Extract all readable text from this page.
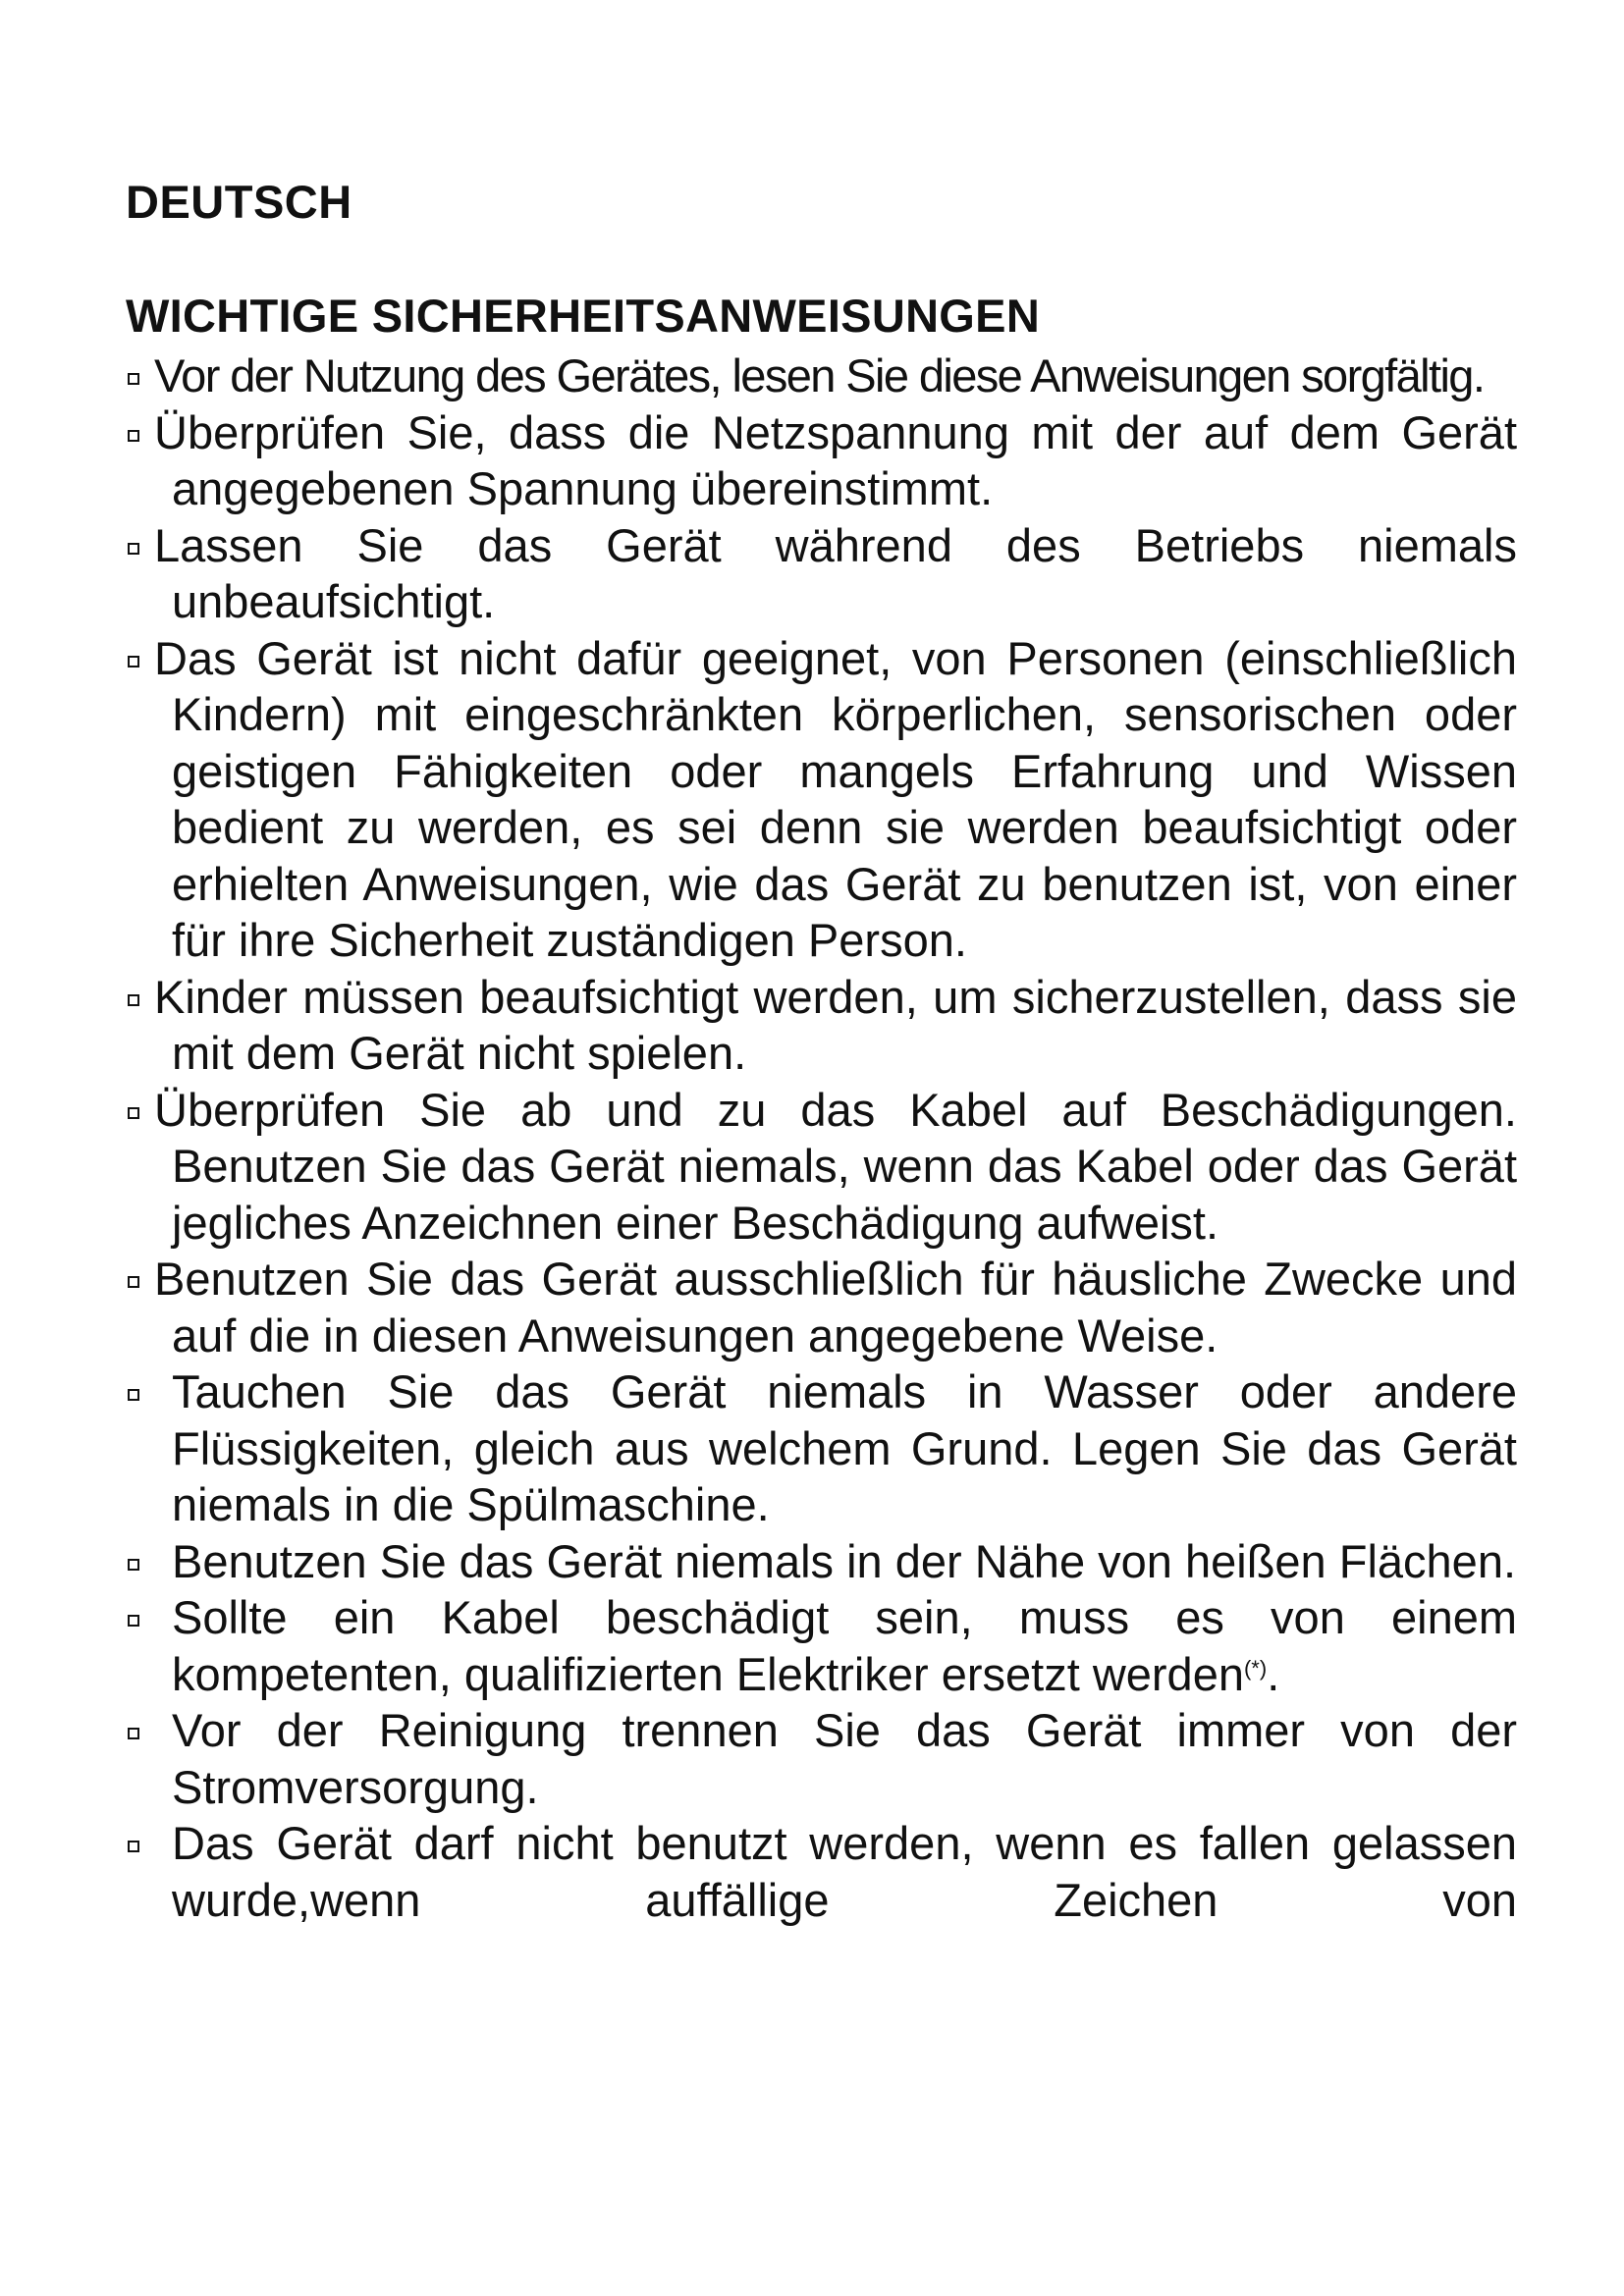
DEUTSCH
WICHTIGE SICHERHEITSANWEISUNGEN
Vor der Nutzung des Gerätes, lesen Sie diese Anweisungen sorgfältig.
Überprüfen Sie, dass die Netzspannung mit der auf dem Gerät angegebenen Spannung übereinstimmt.
Lassen Sie das Gerät während des Betriebs niemals unbeaufsichtigt.
Das Gerät ist nicht dafür geeignet, von Personen (einschließlich Kindern) mit eingeschränkten körperlichen, sensorischen oder geistigen Fähigkeiten oder mangels Erfahrung und Wissen bedient zu werden, es sei denn sie werden beaufsichtigt oder erhielten Anweisungen, wie das Gerät zu benutzen ist, von einer für ihre Sicherheit zuständigen Person.
Kinder müssen beaufsichtigt werden, um sicherzustellen, dass sie mit dem Gerät nicht spielen.
Überprüfen Sie ab und zu das Kabel auf Beschädigungen. Benutzen Sie das Gerät niemals, wenn das Kabel oder das Gerät jegliches Anzeichnen einer Beschädigung aufweist.
Benutzen Sie das Gerät ausschließlich für häusliche Zwecke und auf die in diesen Anweisungen angegebene Weise.
Tauchen Sie das Gerät niemals in Wasser oder andere Flüssigkeiten, gleich aus welchem Grund. Legen Sie das Gerät niemals in die Spülmaschine.
Benutzen Sie das Gerät niemals in der Nähe von heißen Flächen.
Sollte ein Kabel beschädigt sein, muss es von einem kompetenten, qualifizierten Elektriker ersetzt werden(*).
Vor der Reinigung trennen Sie das Gerät immer von der Stromversorgung.
Das Gerät darf nicht benutzt werden, wenn es fallen gelassen wurde,wenn auffällige Zeichen von
